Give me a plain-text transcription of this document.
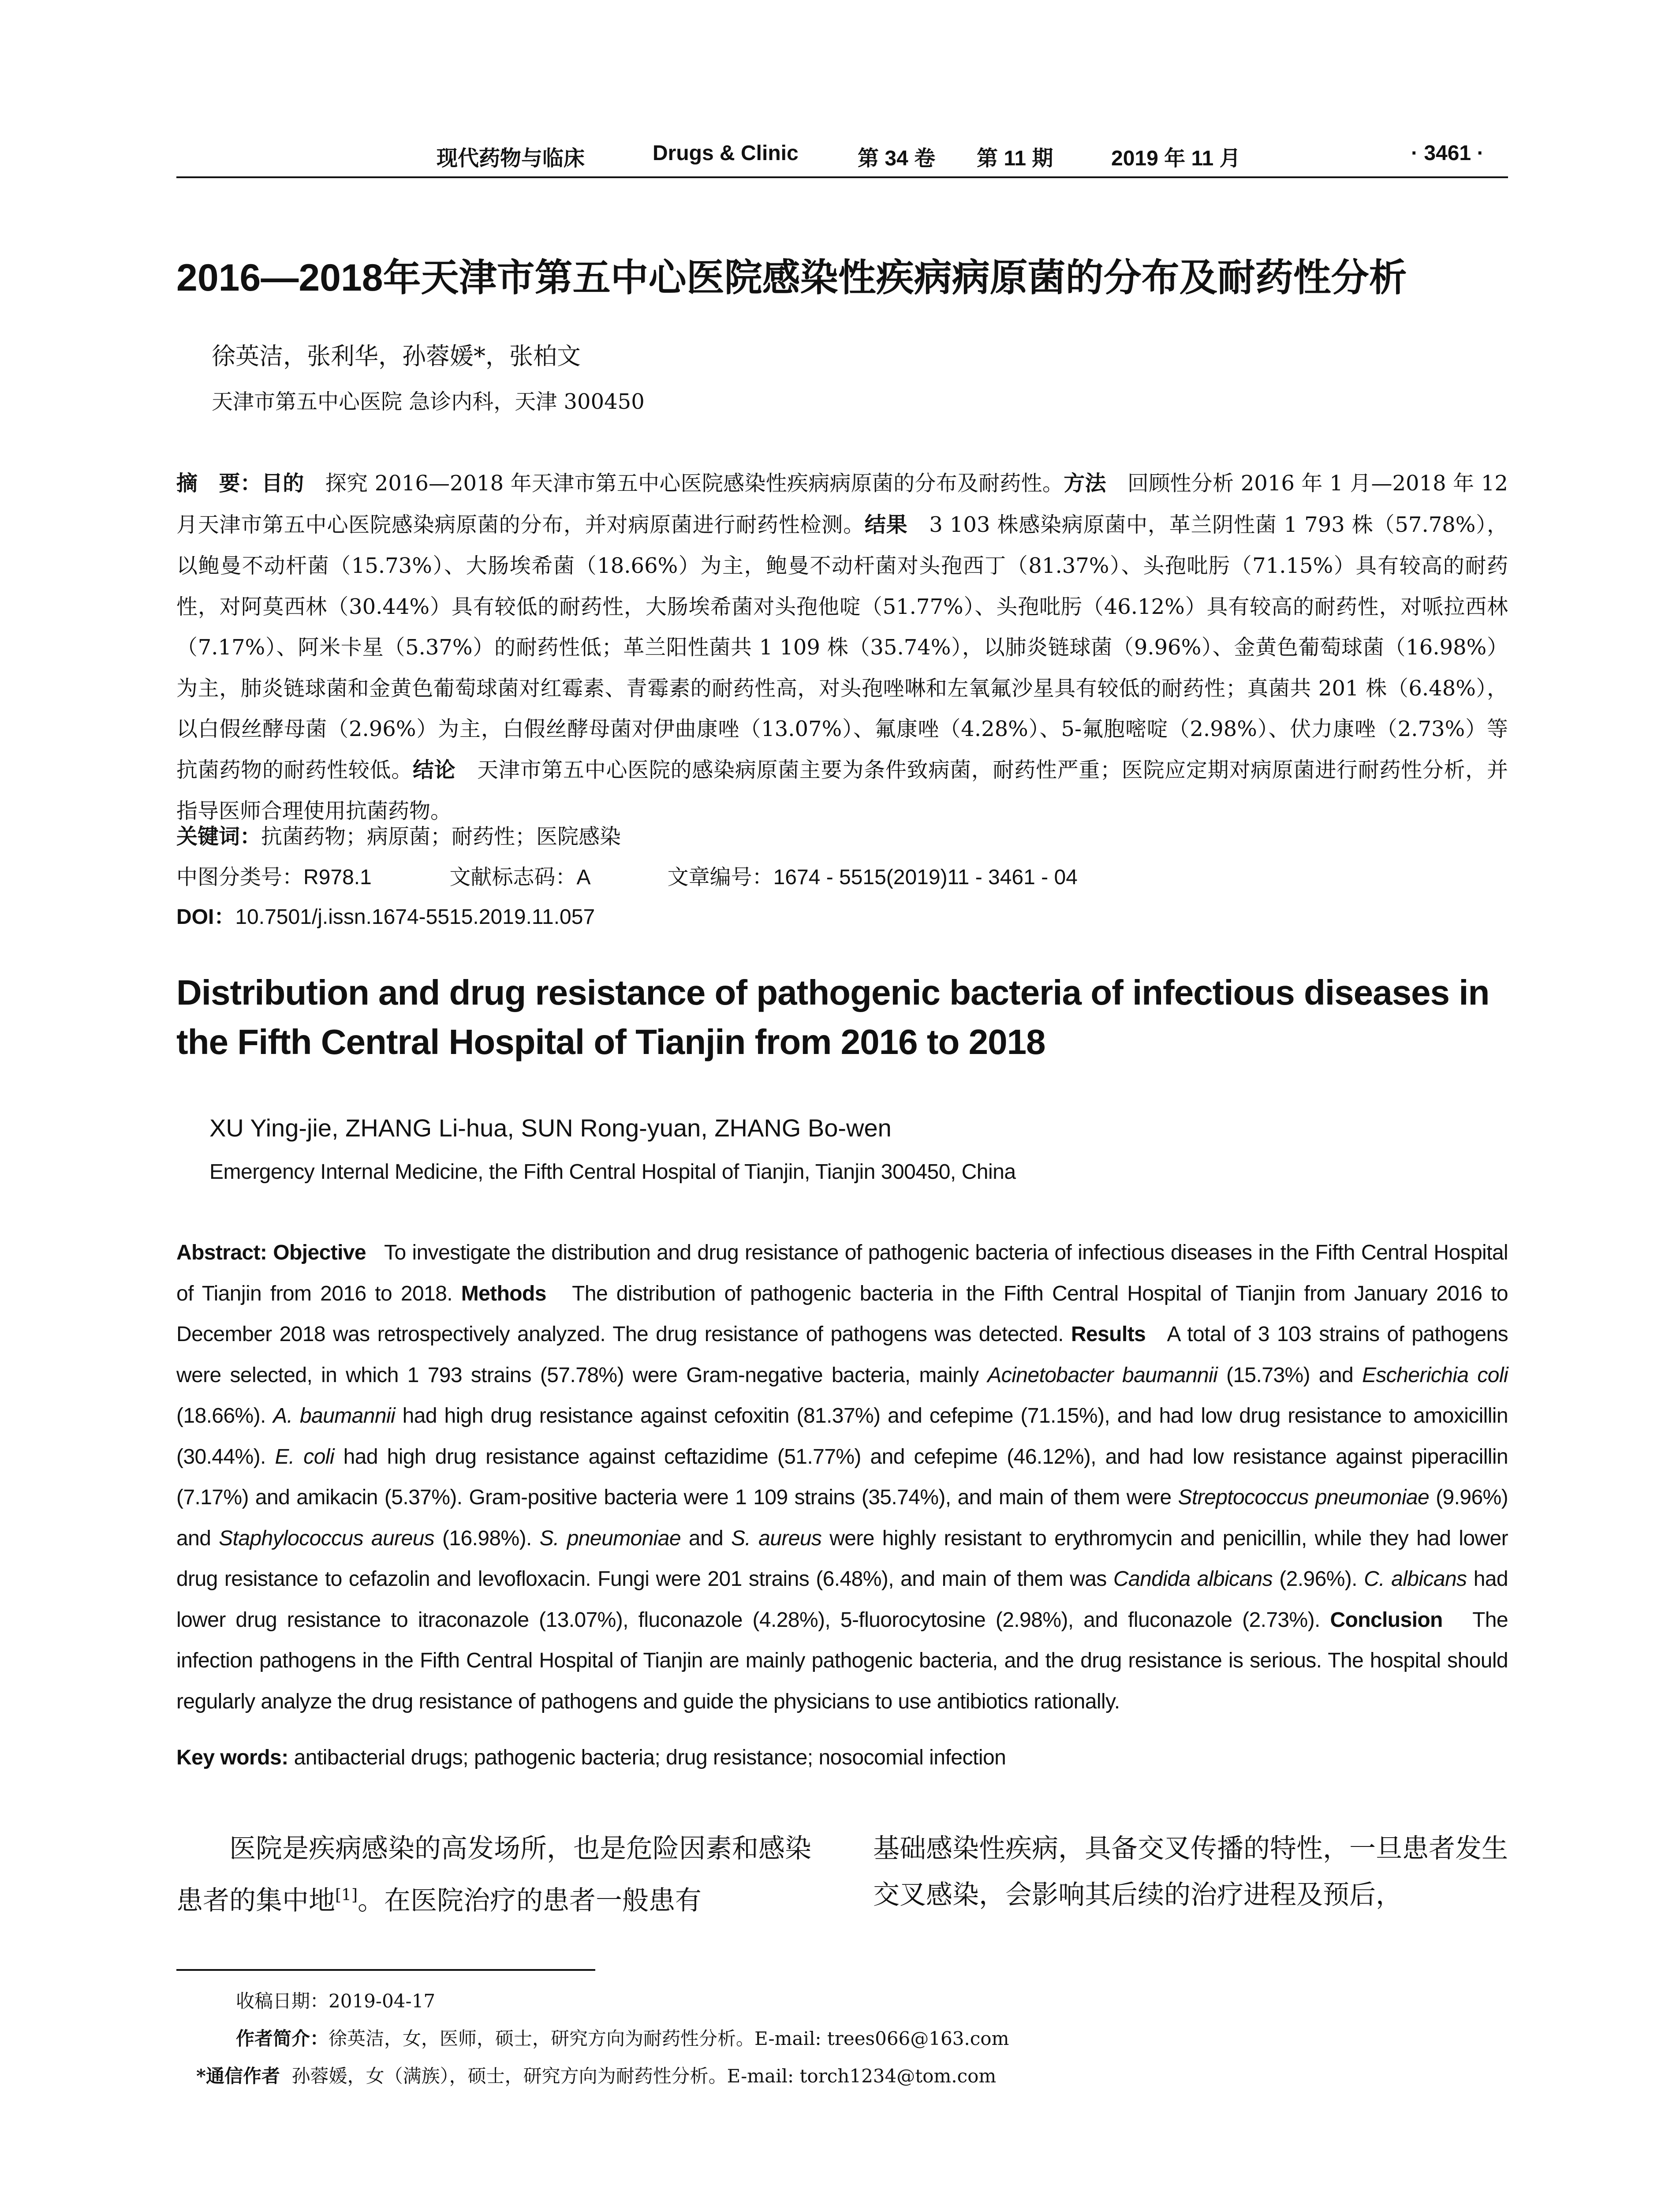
现代药物与临床	Drugs & Clinic	第 34 卷 第 11 期	2019 年 11 月	· 3461 ·
2016—2018年天津市第五中心医院感染性疾病病原菌的分布及耐药性分析
徐英洁，张利华，孙蓉媛*，张柏文
天津市第五中心医院 急诊内科，天津 300450
摘　要：目的　 探究 2016—2018 年天津市第五中心医院感染性疾病病原菌的分布及耐药性。方法　 回顾性分析 2016 年 1 月—2018 年 12 月天津市第五中心医院感染病原菌的分布，并对病原菌进行耐药性检测。结果　 3 103 株感染病原菌中，革兰阴性菌 1 793 株（57.78%），以鲍曼不动杆菌（15.73%）、大肠埃希菌（18.66%）为主，鲍曼不动杆菌对头孢西丁（81.37%）、头孢吡肟（71.15%）具有较高的耐药性，对阿莫西林（30.44%）具有较低的耐药性，大肠埃希菌对头孢他啶（51.77%）、头孢吡肟（46.12%）具有较高的耐药性，对哌拉西林（7.17%）、阿米卡星（5.37%）的耐药性低；革兰阳性菌共 1 109 株（35.74%），以肺炎链球菌（9.96%）、金黄色葡萄球菌（16.98%）为主，肺炎链球菌和金黄色葡萄球菌对红霉素、青霉素的耐药性高，对头孢唑啉和左氧氟沙星具有较低的耐药性；真菌共 201 株（6.48%），以白假丝酵母菌（2.96%）为主，白假丝酵母菌对伊曲康唑（13.07%）、氟康唑（4.28%）、5-氟胞嘧啶（2.98%）、伏力康唑（2.73%）等抗菌药物的耐药性较低。结论　 天津市第五中心医院的感染病原菌主要为条件致病菌，耐药性严重；医院应定期对病原菌进行耐药性分析，并指导医师合理使用抗菌药物。
关键词：抗菌药物；病原菌；耐药性；医院感染
中图分类号：R978.1	文献标志码：A	文章编号：1674 - 5515(2019)11 - 3461 - 04
DOI：10.7501/j.issn.1674-5515.2019.11.057
Distribution and drug resistance of pathogenic bacteria of infectious diseases in the Fifth Central Hospital of Tianjin from 2016 to 2018
XU Ying-jie, ZHANG Li-hua, SUN Rong-yuan, ZHANG Bo-wen
Emergency Internal Medicine, the Fifth Central Hospital of Tianjin, Tianjin 300450, China
Abstract: Objective To investigate the distribution and drug resistance of pathogenic bacteria of infectious diseases in the Fifth Central Hospital of Tianjin from 2016 to 2018. Methods The distribution of pathogenic bacteria in the Fifth Central Hospital of Tianjin from January 2016 to December 2018 was retrospectively analyzed. The drug resistance of pathogens was detected. Results A total of 3 103 strains of pathogens were selected, in which 1 793 strains (57.78%) were Gram-negative bacteria, mainly Acinetobacter baumannii (15.73%) and Escherichia coli (18.66%). A. baumannii had high drug resistance against cefoxitin (81.37%) and cefepime (71.15%), and had low drug resistance to amoxicillin (30.44%). E. coli had high drug resistance against ceftazidime (51.77%) and cefepime (46.12%), and had low resistance against piperacillin (7.17%) and amikacin (5.37%). Gram-positive bacteria were 1 109 strains (35.74%), and main of them were Streptococcus pneumoniae (9.96%) and Staphylococcus aureus (16.98%). S. pneumoniae and S. aureus were highly resistant to erythromycin and penicillin, while they had lower drug resistance to cefazolin and levofloxacin. Fungi were 201 strains (6.48%), and main of them was Candida albicans (2.96%). C. albicans had lower drug resistance to itraconazole (13.07%), fluconazole (4.28%), 5-fluorocytosine (2.98%), and fluconazole (2.73%). Conclusion The infection pathogens in the Fifth Central Hospital of Tianjin are mainly pathogenic bacteria, and the drug resistance is serious. The hospital should regularly analyze the drug resistance of pathogens and guide the physicians to use antibiotics rationally.
Key words: antibacterial drugs; pathogenic bacteria; drug resistance; nosocomial infection
医院是疾病感染的高发场所，也是危险因素和感染患者的集中地[1]。在医院治疗的患者一般患有
基础感染性疾病，具备交叉传播的特性，一旦患者发生交叉感染，会影响其后续的治疗进程及预后，
收稿日期：2019-04-17
作者简介：徐英洁，女，医师，硕士，研究方向为耐药性分析。E-mail: trees066@163.com
*通信作者 孙蓉媛，女（满族），硕士，研究方向为耐药性分析。E-mail: torch1234@tom.com
